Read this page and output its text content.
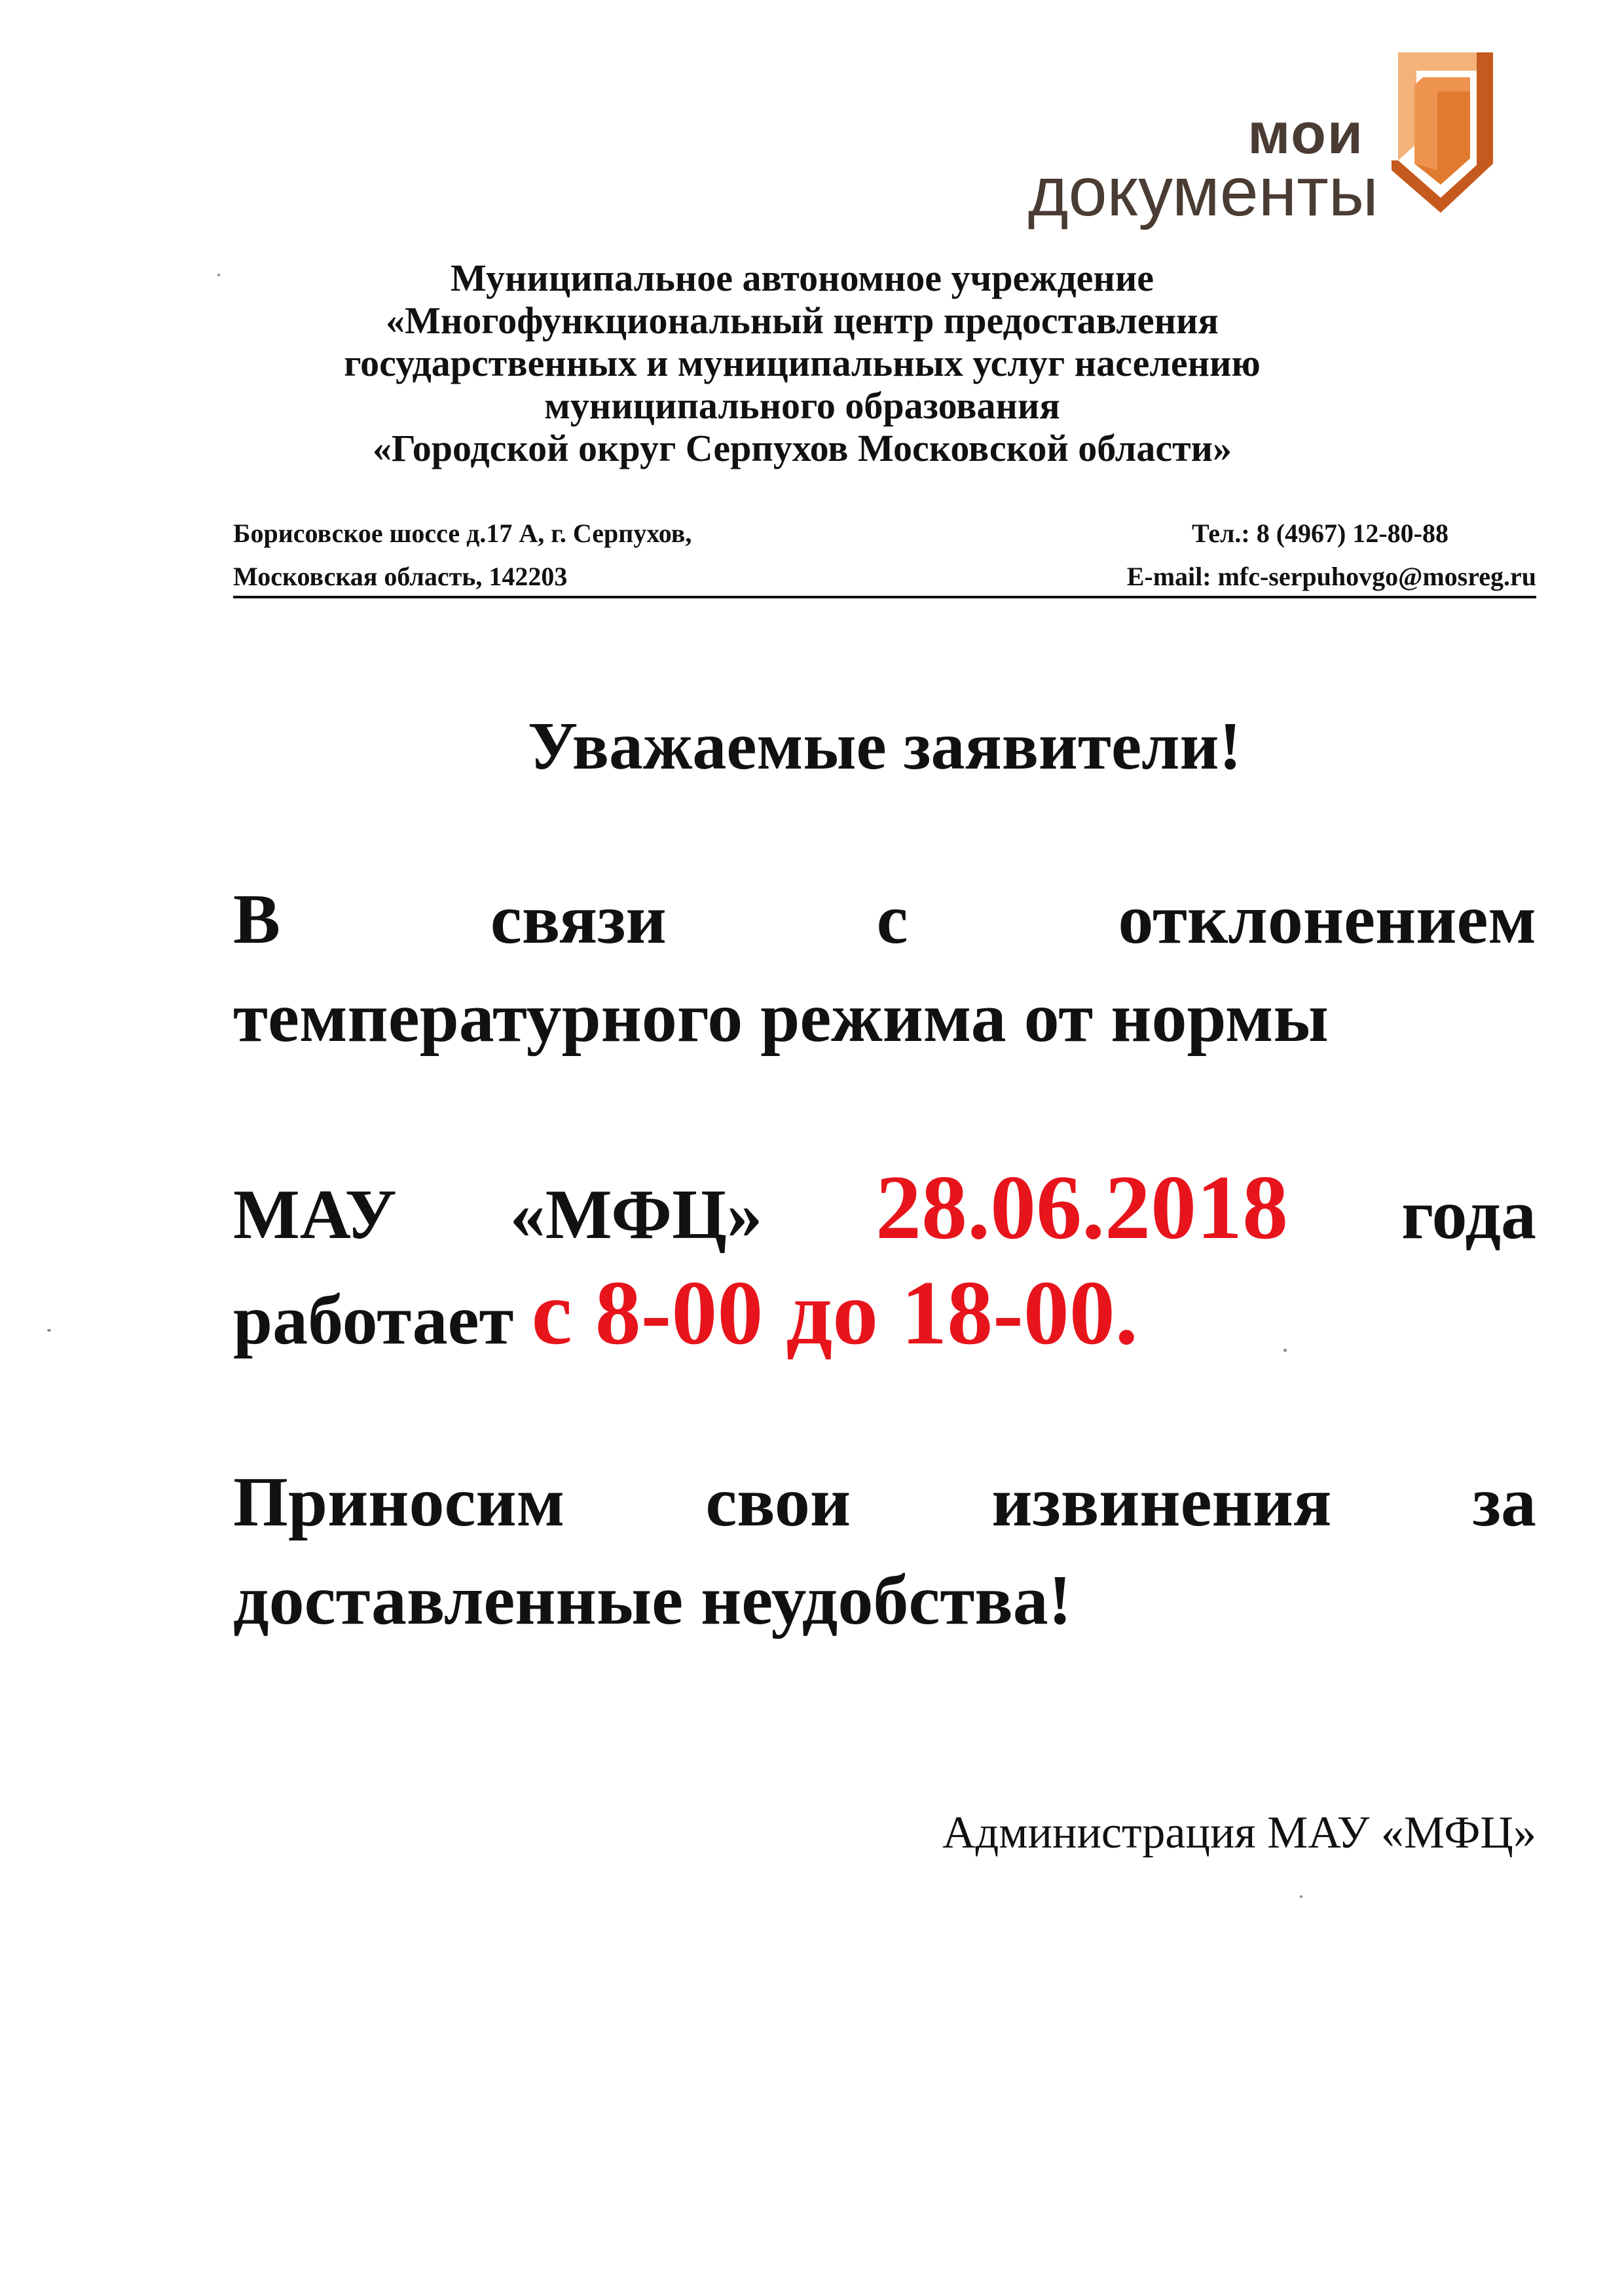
мои
документы
Муниципальное автономное учреждение
«Многофункциональный центр предоставления
государственных и муниципальных услуг населению
муниципального образования
«Городской округ Серпухов Московской области»
Борисовское шоссе д.17 А, г. Серпухов,
Московская область, 142203
Тел.: 8 (4967) 12-80-88
E-mail: mfc-serpuhovgo@mosreg.ru
Уважаемые заявители!
В	связи	с	отклонением
температурного режима от нормы
МАУ «МФЦ» 28.06.2018 года
работает с 8-00 до 18-00.
Приносим свои извинения за
доставленные неудобства!
Администрация МАУ «МФЦ»
